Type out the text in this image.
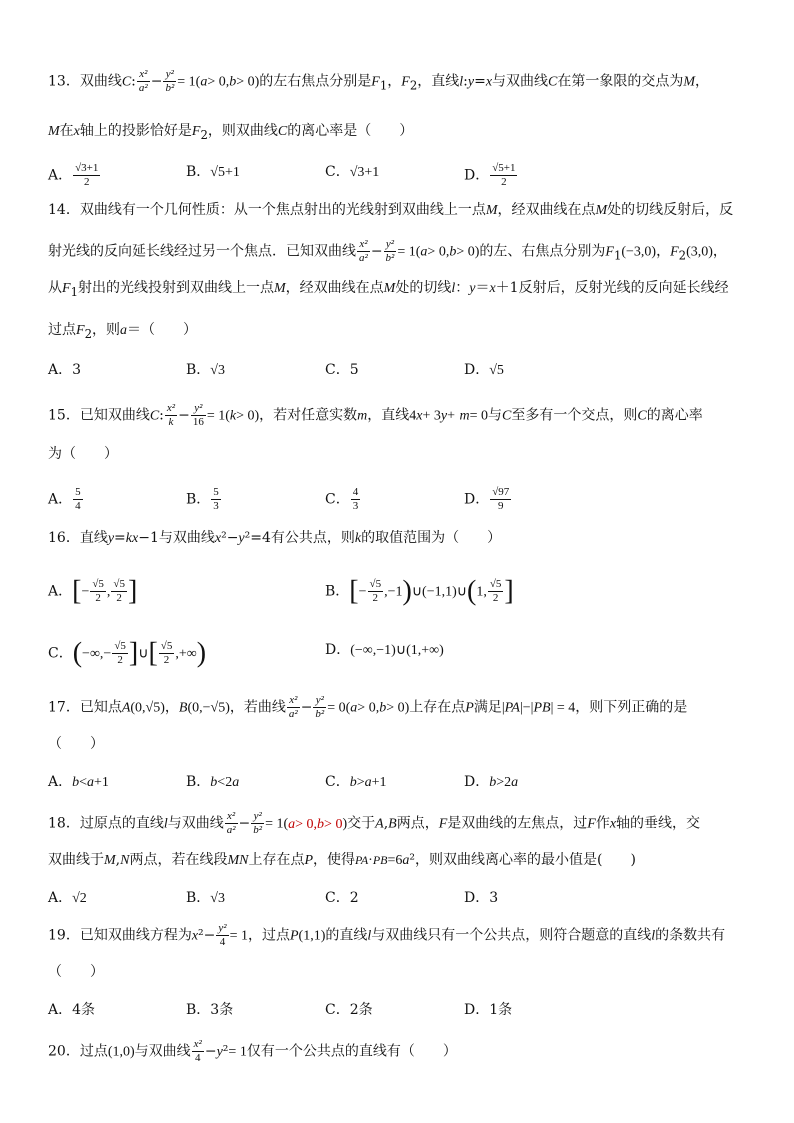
13．双曲线C: $\frac{\text{x²}}{\text{a²}} - \frac{\text{y²}}{\text{b²}} = 1(a> 0,b> 0)$的左右焦点分别是$F_1$，$F_2$，直线l:y=x与双曲线C在第一象限的交点为M，
M在x轴上的投影恰好是$F_2$，则双曲线C的离心率是（　　）
A． $\frac{√3+1}{2}$	B．√5+1	C．√3+1	D． $\frac{√5+1}{2}$
14．双曲线有一个几何性质：从一个焦点射出的光线射到双曲线上一点M，经双曲线在点M处的切线反射后，反
射光线的反向延长线经过另一个焦点．已知双曲线 $\frac{\text{x²}}{\text{a²}} - \frac{\text{y²}}{\text{b²}} = 1(a> 0,b> 0)$的左、右焦点分别为$F_1(-3,0)$，$F_2(3,0)$，
从$F_1$射出的光线投射到双曲线上一点M，经双曲线在点M处的切线l：y＝x＋1反射后，反射光线的反向延长线经
过点$F_2$，则a＝（　　）
A．3	B．√3	C．5	D．√5
15．已知双曲线C: $\frac{\text{x²}}{k} - \frac{\text{y²}}{16} = 1(k> 0)$，若对任意实数m，直线4x+ 3y+ m= 0与C至多有一个交点，则C的离心率
为（　　）
A． $\frac{5}{4}$	B． $\frac{5}{3}$	C． $\frac{4}{3}$	D． $\frac{√97}{9}$
16．直线y=kx−1与双曲线x²−y²=4有公共点，则k的取值范围为（　　）
A．[− $\frac{√5}{2}$ , $\frac{√5}{2}$ ]	B．[− $\frac{√5}{2}$ ,−1)∪(−1,1)∪(1, $\frac{√5}{2}$ ]
C．(−∞,− $\frac{√5}{2}$ ]∪[ $\frac{√5}{2}$ ,+∞)	D．(−∞,−1)∪(1,+∞)
17．已知点A(0,√5)，B(0,−√5)，若曲线 $\frac{\text{x²}}{\text{a²}} - \frac{\text{y²}}{\text{b²}} = 0(a> 0,b> 0)$上存在点P满足|PA|−|PB| = 4，则下列正确的是
（　　）
A．b<a+1	B．b<2a	C．b>a+1	D．b>2a
18．过原点的直线l与双曲线 $\frac{\text{x²}}{\text{a²}} - \frac{\text{y²}}{\text{b²}} = 1(a> 0,b> 0)$交于A,B两点，F是双曲线的左焦点，过F作x轴的垂线，交
双曲线于M,N两点，若在线段MN上存在点P，使得PA·PB=6a²，则双曲线离心率的最小值是(　　)
A．√2	B．√3	C．2	D．3
19．已知双曲线方程为$x^2- \frac{\text{y²}}{4} = 1$，过点P(1,1)的直线l与双曲线只有一个公共点，则符合题意的直线l的条数共有
（　　）
A．4条	B．3条	C．2条	D．1条
20．过点(1,0)与双曲线 $\frac{\text{x²}}{4} -y^2= 1$仅有一个公共点的直线有（　　）
